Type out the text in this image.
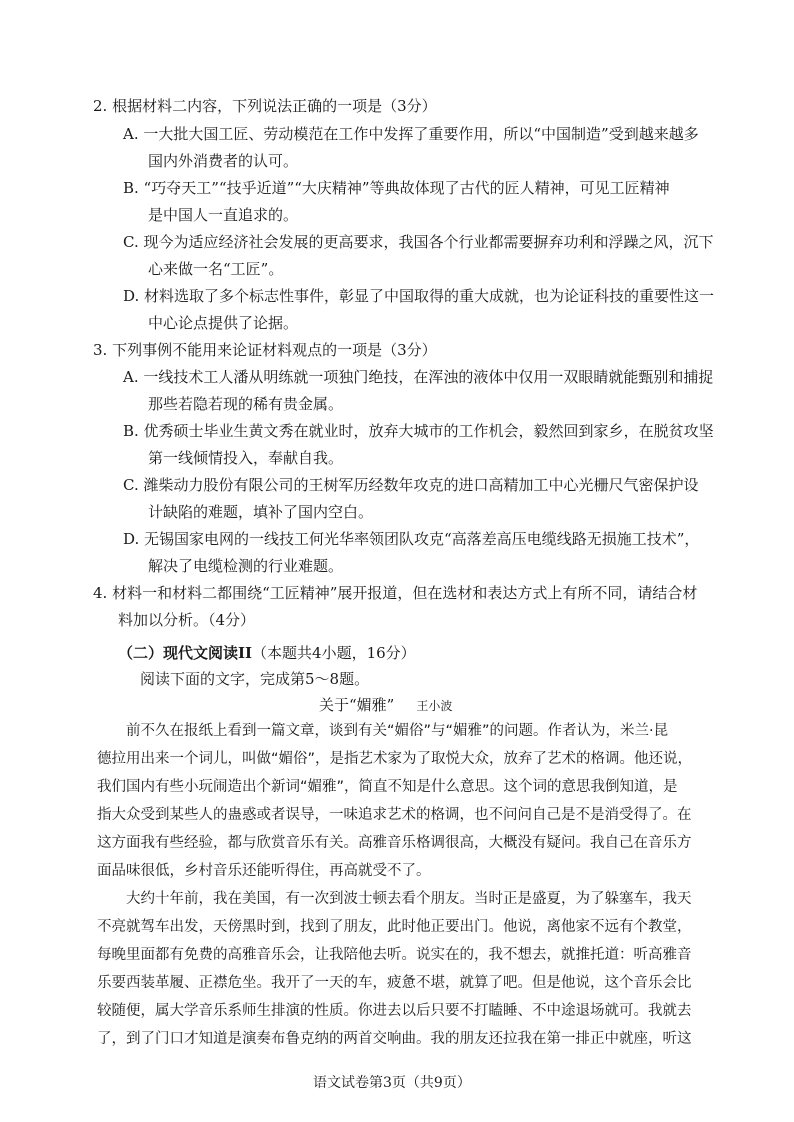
2. 根据材料二内容，下列说法正确的一项是（3分）
A. 一大批大国工匠、劳动模范在工作中发挥了重要作用，所以“中国制造”受到越来越多
国内外消费者的认可。
B. “巧夺天工”“技乎近道”“大庆精神”等典故体现了古代的匠人精神，可见工匠精神
是中国人一直追求的。
C. 现今为适应经济社会发展的更高要求，我国各个行业都需要摒弃功利和浮躁之风，沉下
心来做一名“工匠”。
D. 材料选取了多个标志性事件，彰显了中国取得的重大成就，也为论证科技的重要性这一
中心论点提供了论据。
3. 下列事例不能用来论证材料观点的一项是（3分）
A. 一线技术工人潘从明练就一项独门绝技，在浑浊的液体中仅用一双眼睛就能甄别和捕捉
那些若隐若现的稀有贵金属。
B. 优秀硕士毕业生黄文秀在就业时，放弃大城市的工作机会，毅然回到家乡，在脱贫攻坚
第一线倾情投入，奉献自我。
C. 潍柴动力股份有限公司的王树军历经数年攻克的进口高精加工中心光栅尺气密保护设
计缺陷的难题，填补了国内空白。
D. 无锡国家电网的一线技工何光华率领团队攻克“高落差高压电缆线路无损施工技术”，
解决了电缆检测的行业难题。
4. 材料一和材料二都围绕“工匠精神”展开报道，但在选材和表达方式上有所不同，请结合材
料加以分析。（4分）
（二）现代文阅读II（本题共4小题，16分）
阅读下面的文字，完成第5～8题。
关于“媚雅” 王小波
前不久在报纸上看到一篇文章，谈到有关“媚俗”与“媚雅”的问题。作者认为，米兰·昆
德拉用出来一个词儿，叫做“媚俗”，是指艺术家为了取悦大众，放弃了艺术的格调。他还说，
我们国内有些小玩闹造出个新词“媚雅”，简直不知是什么意思。这个词的意思我倒知道，是
指大众受到某些人的蛊惑或者误导，一味追求艺术的格调，也不问问自己是不是消受得了。在
这方面我有些经验，都与欣赏音乐有关。高雅音乐格调很高，大概没有疑问。我自己在音乐方
面品味很低，乡村音乐还能听得住，再高就受不了。
大约十年前，我在美国，有一次到波士顿去看个朋友。当时正是盛夏，为了躲塞车，我天
不亮就驾车出发，天傍黑时到，找到了朋友，此时他正要出门。他说，离他家不远有个教堂，
每晚里面都有免费的高雅音乐会，让我陪他去听。说实在的，我不想去，就推托道：听高雅音
乐要西装革履、正襟危坐。我开了一天的车，疲惫不堪，就算了吧。但是他说，这个音乐会比
较随便，属大学音乐系师生排演的性质。你进去以后只要不打瞌睡、不中途退场就可。我就去
了，到了门口才知道是演奏布鲁克纳的两首交响曲。我的朋友还拉我在第一排正中就座，听这
语文试卷第3页（共9页）
